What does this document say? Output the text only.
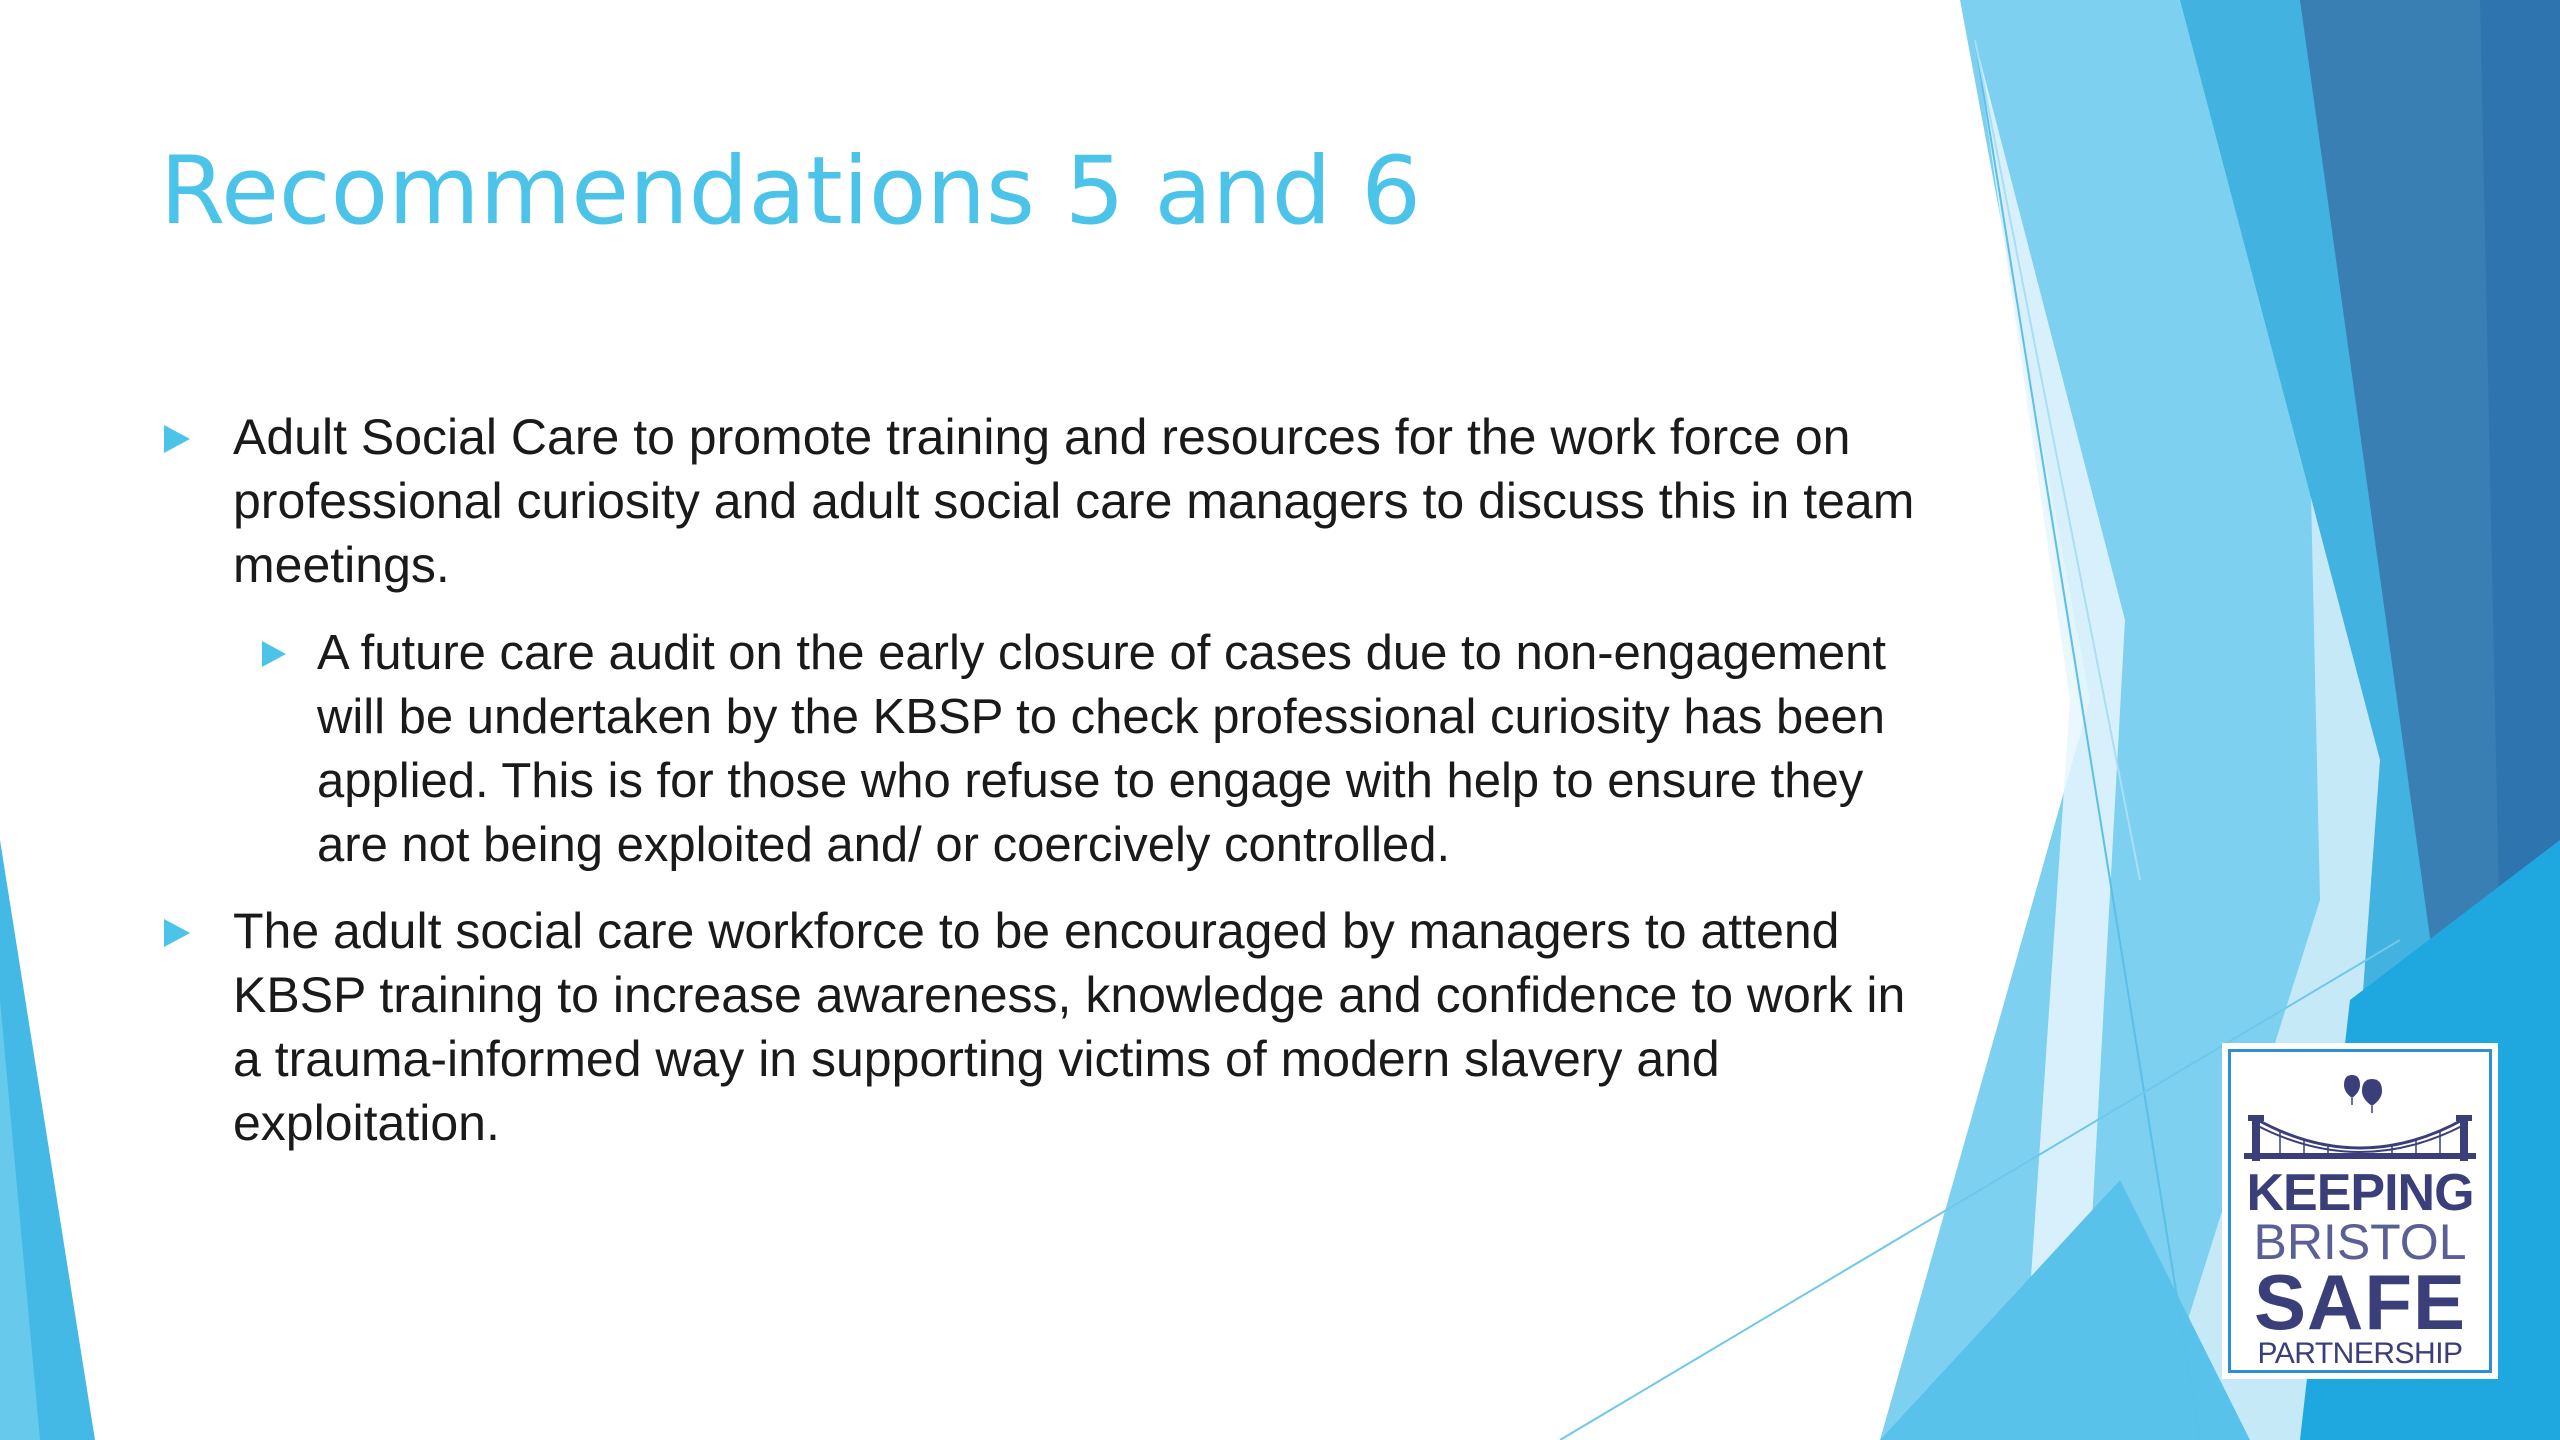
Recommendations 5 and 6
Adult Social Care to promote training and resources for the work force on professional curiosity and adult social care managers to discuss this in team meetings.
A future care audit on the early closure of cases due to non-engagement will be undertaken by the KBSP to check professional curiosity has been applied. This is for those who refuse to engage with help to ensure they are not being exploited and/ or coercively controlled.
The adult social care workforce to be encouraged by managers to attend KBSP training to increase awareness, knowledge and confidence to work in a trauma-informed way in supporting victims of modern slavery and exploitation.
KEEPING
BRISTOL
SAFE
PARTNERSHIP
